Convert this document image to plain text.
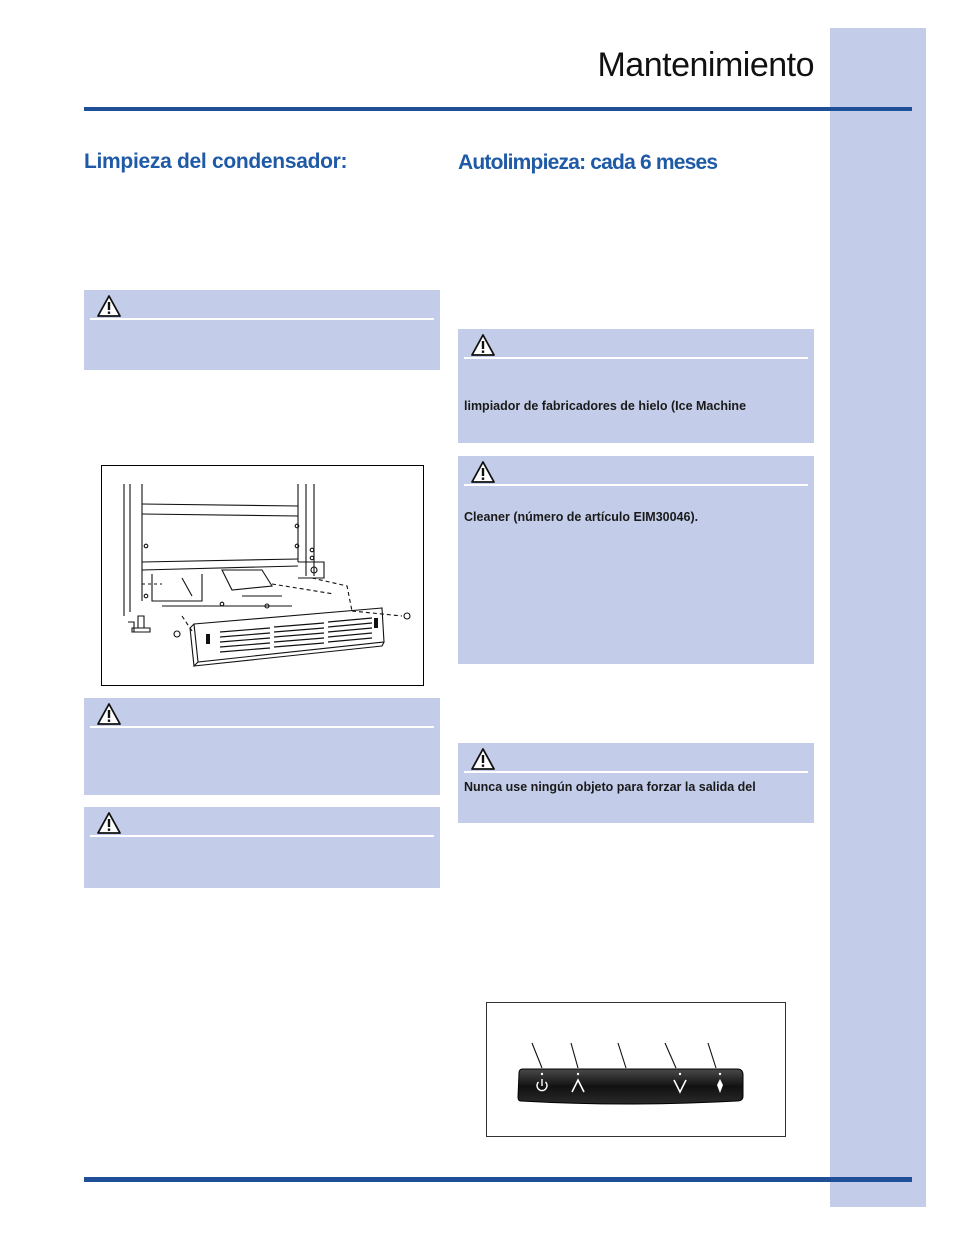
Mantenimiento
Limpieza del condensador:	Autolimpieza: cada 6 meses
limpiador de fabricadores de hielo (Ice Machine
Cleaner (número de artículo EIM30046).
Nunca use ningún objeto para forzar la salida del
